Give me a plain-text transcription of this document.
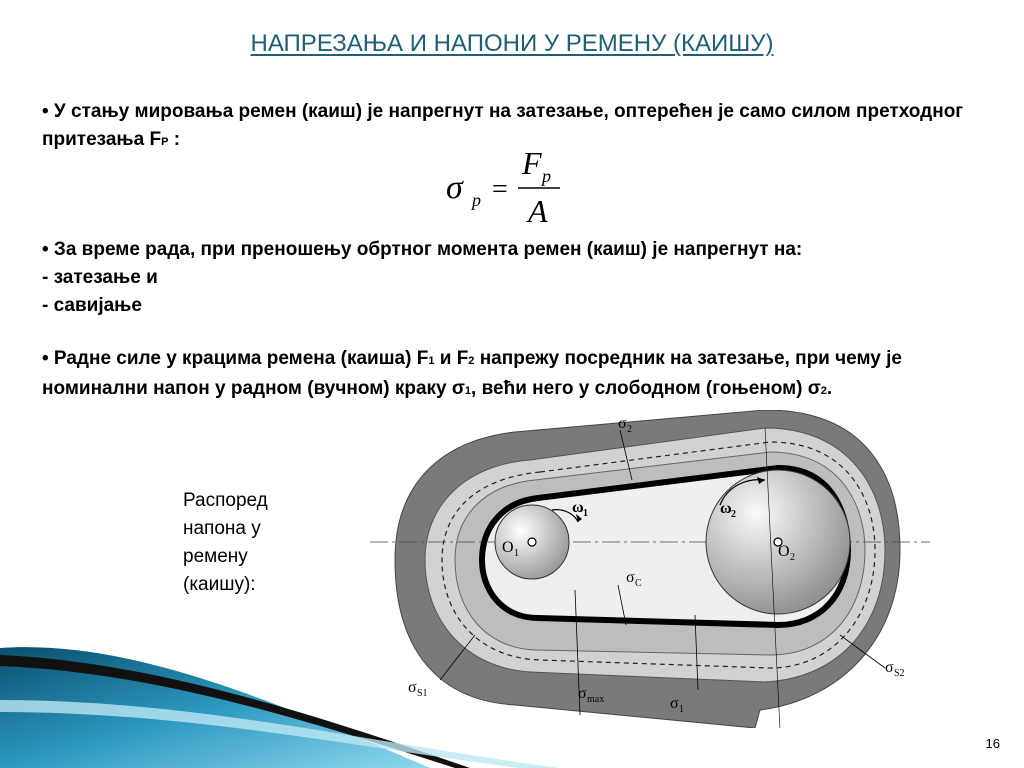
НАПРЕЗАЊА И НАПОНИ У РЕМЕНУ (КАИШУ)
• У стању мировања ремен (каиш) је напрегнут на затезање, оптерећен је само силом претходног притезања FP :
σ p =
F p
A
• За време рада, при преношењу обртног момента ремен (каиш) је напрегнут на:
- затезање и
- савијање
• Радне силе у крацима ремена (каиша) F1 и F2 напрежу посредник на затезање, при чему је номинални напон у радном (вучном) краку σ1, већи него у слободном (гоњеном) σ2.
Распоред напона у ремену (каишу):
σ 2
ω 1	ω 2
O 1	O 2
σ C
σ S1
σ S2
σ max	σ 1
16
